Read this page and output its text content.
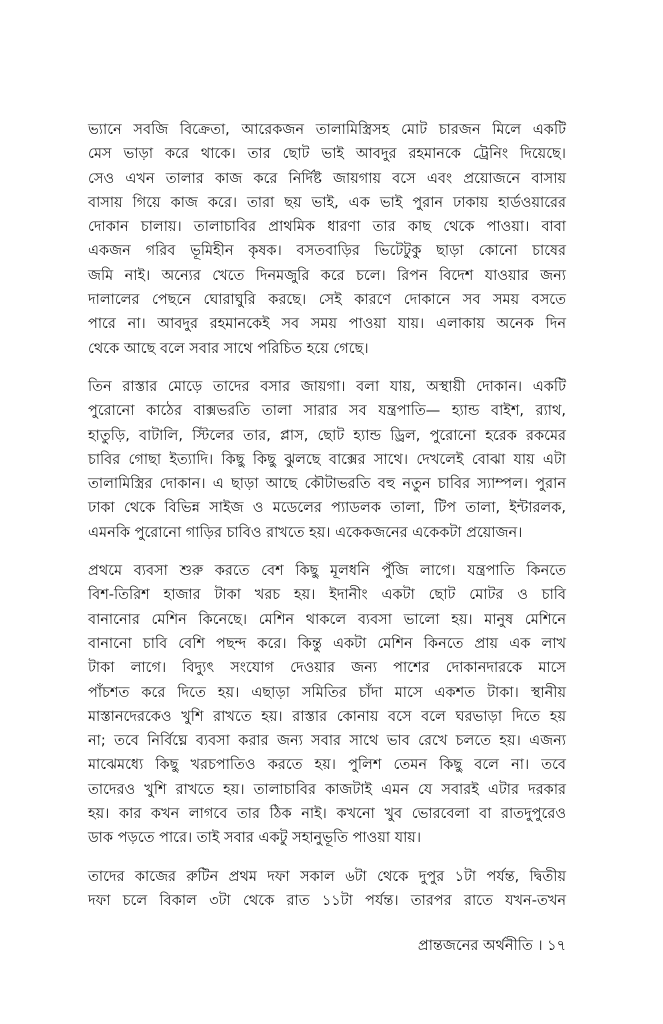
ভ্যানে সবজি বিক্রেতা, আরেকজন তালামিস্ত্রিসহ মোট চারজন মিলে একটি
মেস ভাড়া করে থাকে। তার ছোট ভাই আবদুর রহমানকে ট্রেনিং দিয়েছে।
সেও এখন তালার কাজ করে নির্দিষ্ট জায়গায় বসে এবং প্রয়োজনে বাসায়
বাসায় গিয়ে কাজ করে। তারা ছয় ভাই, এক ভাই পুরান ঢাকায় হার্ডওয়ারের
দোকান চালায়। তালাচাবির প্রাথমিক ধারণা তার কাছ থেকে পাওয়া। বাবা
একজন গরিব ভূমিহীন কৃষক। বসতবাড়ির ভিটেটুকু ছাড়া কোনো চাষের
জমি নাই। অন্যের খেতে দিনমজুরি করে চলে। রিপন বিদেশ যাওয়ার জন্য
দালালের পেছনে ঘোরাঘুরি করছে। সেই কারণে দোকানে সব সময় বসতে
পারে না। আবদুর রহমানকেই সব সময় পাওয়া যায়। এলাকায় অনেক দিন
থেকে আছে বলে সবার সাথে পরিচিত হয়ে গেছে।
তিন রাস্তার মোড়ে তাদের বসার জায়গা। বলা যায়, অস্থায়ী দোকান। একটি
পুরোনো কাঠের বাক্সভরতি তালা সারার সব যন্ত্রপাতি— হ্যান্ড বাইশ, র‍্যাথ,
হাতুড়ি, বাটালি, স্টিলের তার, প্লাস, ছোট হ্যান্ড ড্রিল, পুরোনো হরেক রকমের
চাবির গোছা ইত্যাদি। কিছু কিছু ঝুলছে বাক্সের সাথে। দেখলেই বোঝা যায় এটা
তালামিস্ত্রির দোকান। এ ছাড়া আছে কৌটাভরতি বহু নতুন চাবির স্যাম্পল। পুরান
ঢাকা থেকে বিভিন্ন সাইজ ও মডেলের প্যাডলক তালা, টিপ তালা, ইন্টারলক,
এমনকি পুরোনো গাড়ির চাবিও রাখতে হয়। একেকজনের একেকটা প্রয়োজন।
প্রথমে ব্যবসা শুরু করতে বেশ কিছু মূলধনি পুঁজি লাগে। যন্ত্রপাতি কিনতে
বিশ-তিরিশ হাজার টাকা খরচ হয়। ইদানীং একটা ছোট মোটর ও চাবি
বানানোর মেশিন কিনেছে। মেশিন থাকলে ব্যবসা ভালো হয়। মানুষ মেশিনে
বানানো চাবি বেশি পছন্দ করে। কিন্তু একটা মেশিন কিনতে প্রায় এক লাখ
টাকা লাগে। বিদ্যুৎ সংযোগ দেওয়ার জন্য পাশের দোকানদারকে মাসে
পাঁচশত করে দিতে হয়। এছাড়া সমিতির চাঁদা মাসে একশত টাকা। স্থানীয়
মাস্তানদেরকেও খুশি রাখতে হয়। রাস্তার কোনায় বসে বলে ঘরভাড়া দিতে হয়
না; তবে নির্বিঘ্নে ব্যবসা করার জন্য সবার সাথে ভাব রেখে চলতে হয়। এজন্য
মাঝেমধ্যে কিছু খরচপাতিও করতে হয়। পুলিশ তেমন কিছু বলে না। তবে
তাদেরও খুশি রাখতে হয়। তালাচাবির কাজটাই এমন যে সবারই এটার দরকার
হয়। কার কখন লাগবে তার ঠিক নাই। কখনো খুব ভোরবেলা বা রাতদুপুরেও
ডাক পড়তে পারে। তাই সবার একটু সহানুভূতি পাওয়া যায়।
তাদের কাজের রুটিন প্রথম দফা সকাল ৬টা থেকে দুপুর ১টা পর্যন্ত, দ্বিতীয়
দফা চলে বিকাল ৩টা থেকে রাত ১১টা পর্যন্ত। তারপর রাতে যখন-তখন
প্রান্তজনের অর্থনীতি । ১৭
